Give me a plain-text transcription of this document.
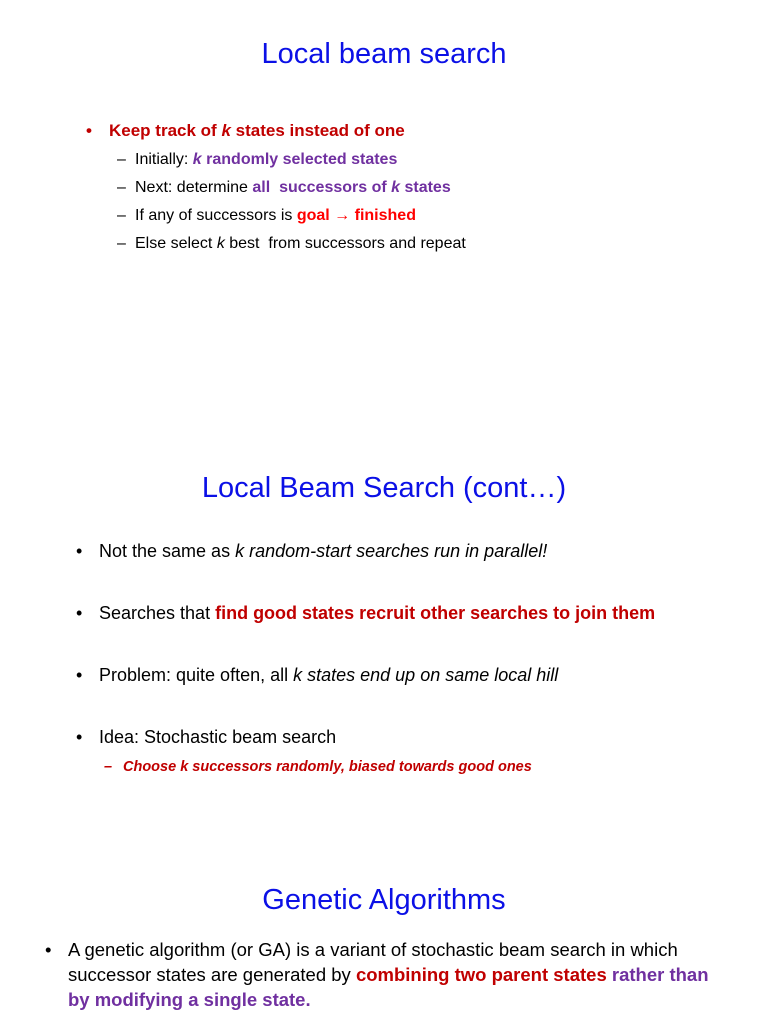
Local beam search
• Keep track of k states instead of one
– Initially: k randomly selected states
– Next: determine all  successors of k states
– If any of successors is goal → finished
– Else select k best  from successors and repeat
Local Beam Search (cont…)
• Not the same as k random-start searches run in parallel!
• Searches that find good states recruit other searches to join them
• Problem: quite often, all k states end up on same local hill
• Idea: Stochastic beam search
– Choose k successors randomly, biased towards good ones
Genetic Algorithms
• A genetic algorithm (or GA) is a variant of stochastic beam search in which successor states are generated by combining two parent states rather than by modifying a single state.
